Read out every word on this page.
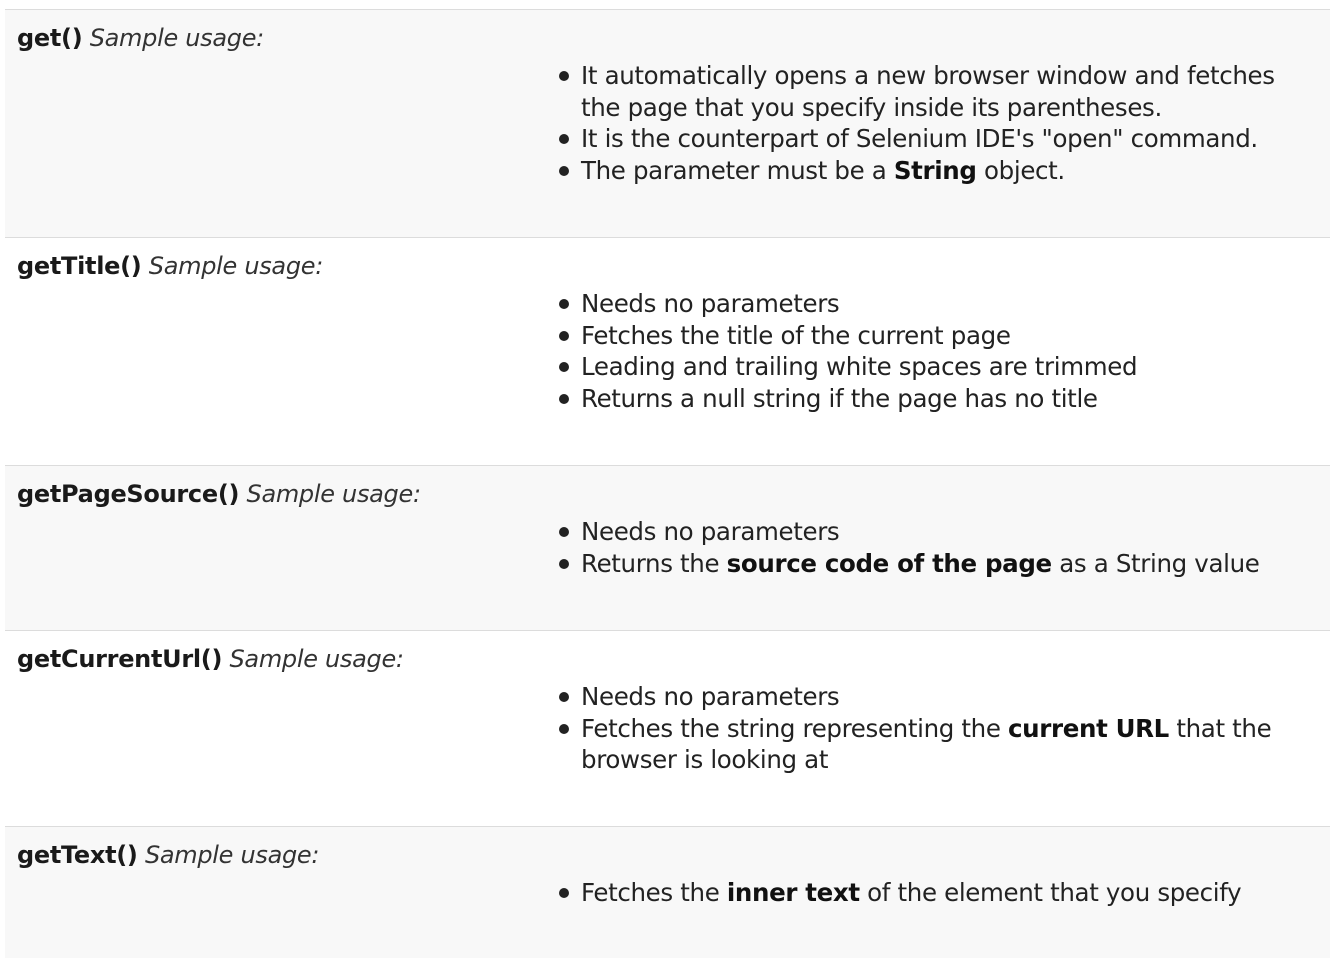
get() Sample usage:
It automatically opens a new browser window and fetches the page that you specify inside its parentheses.
It is the counterpart of Selenium IDE's "open" command.
The parameter must be a String object.
getTitle() Sample usage:
Needs no parameters
Fetches the title of the current page
Leading and trailing white spaces are trimmed
Returns a null string if the page has no title
getPageSource() Sample usage:
Needs no parameters
Returns the source code of the page as a String value
getCurrentUrl() Sample usage:
Needs no parameters
Fetches the string representing the current URL that the browser is looking at
getText() Sample usage:
Fetches the inner text of the element that you specify
